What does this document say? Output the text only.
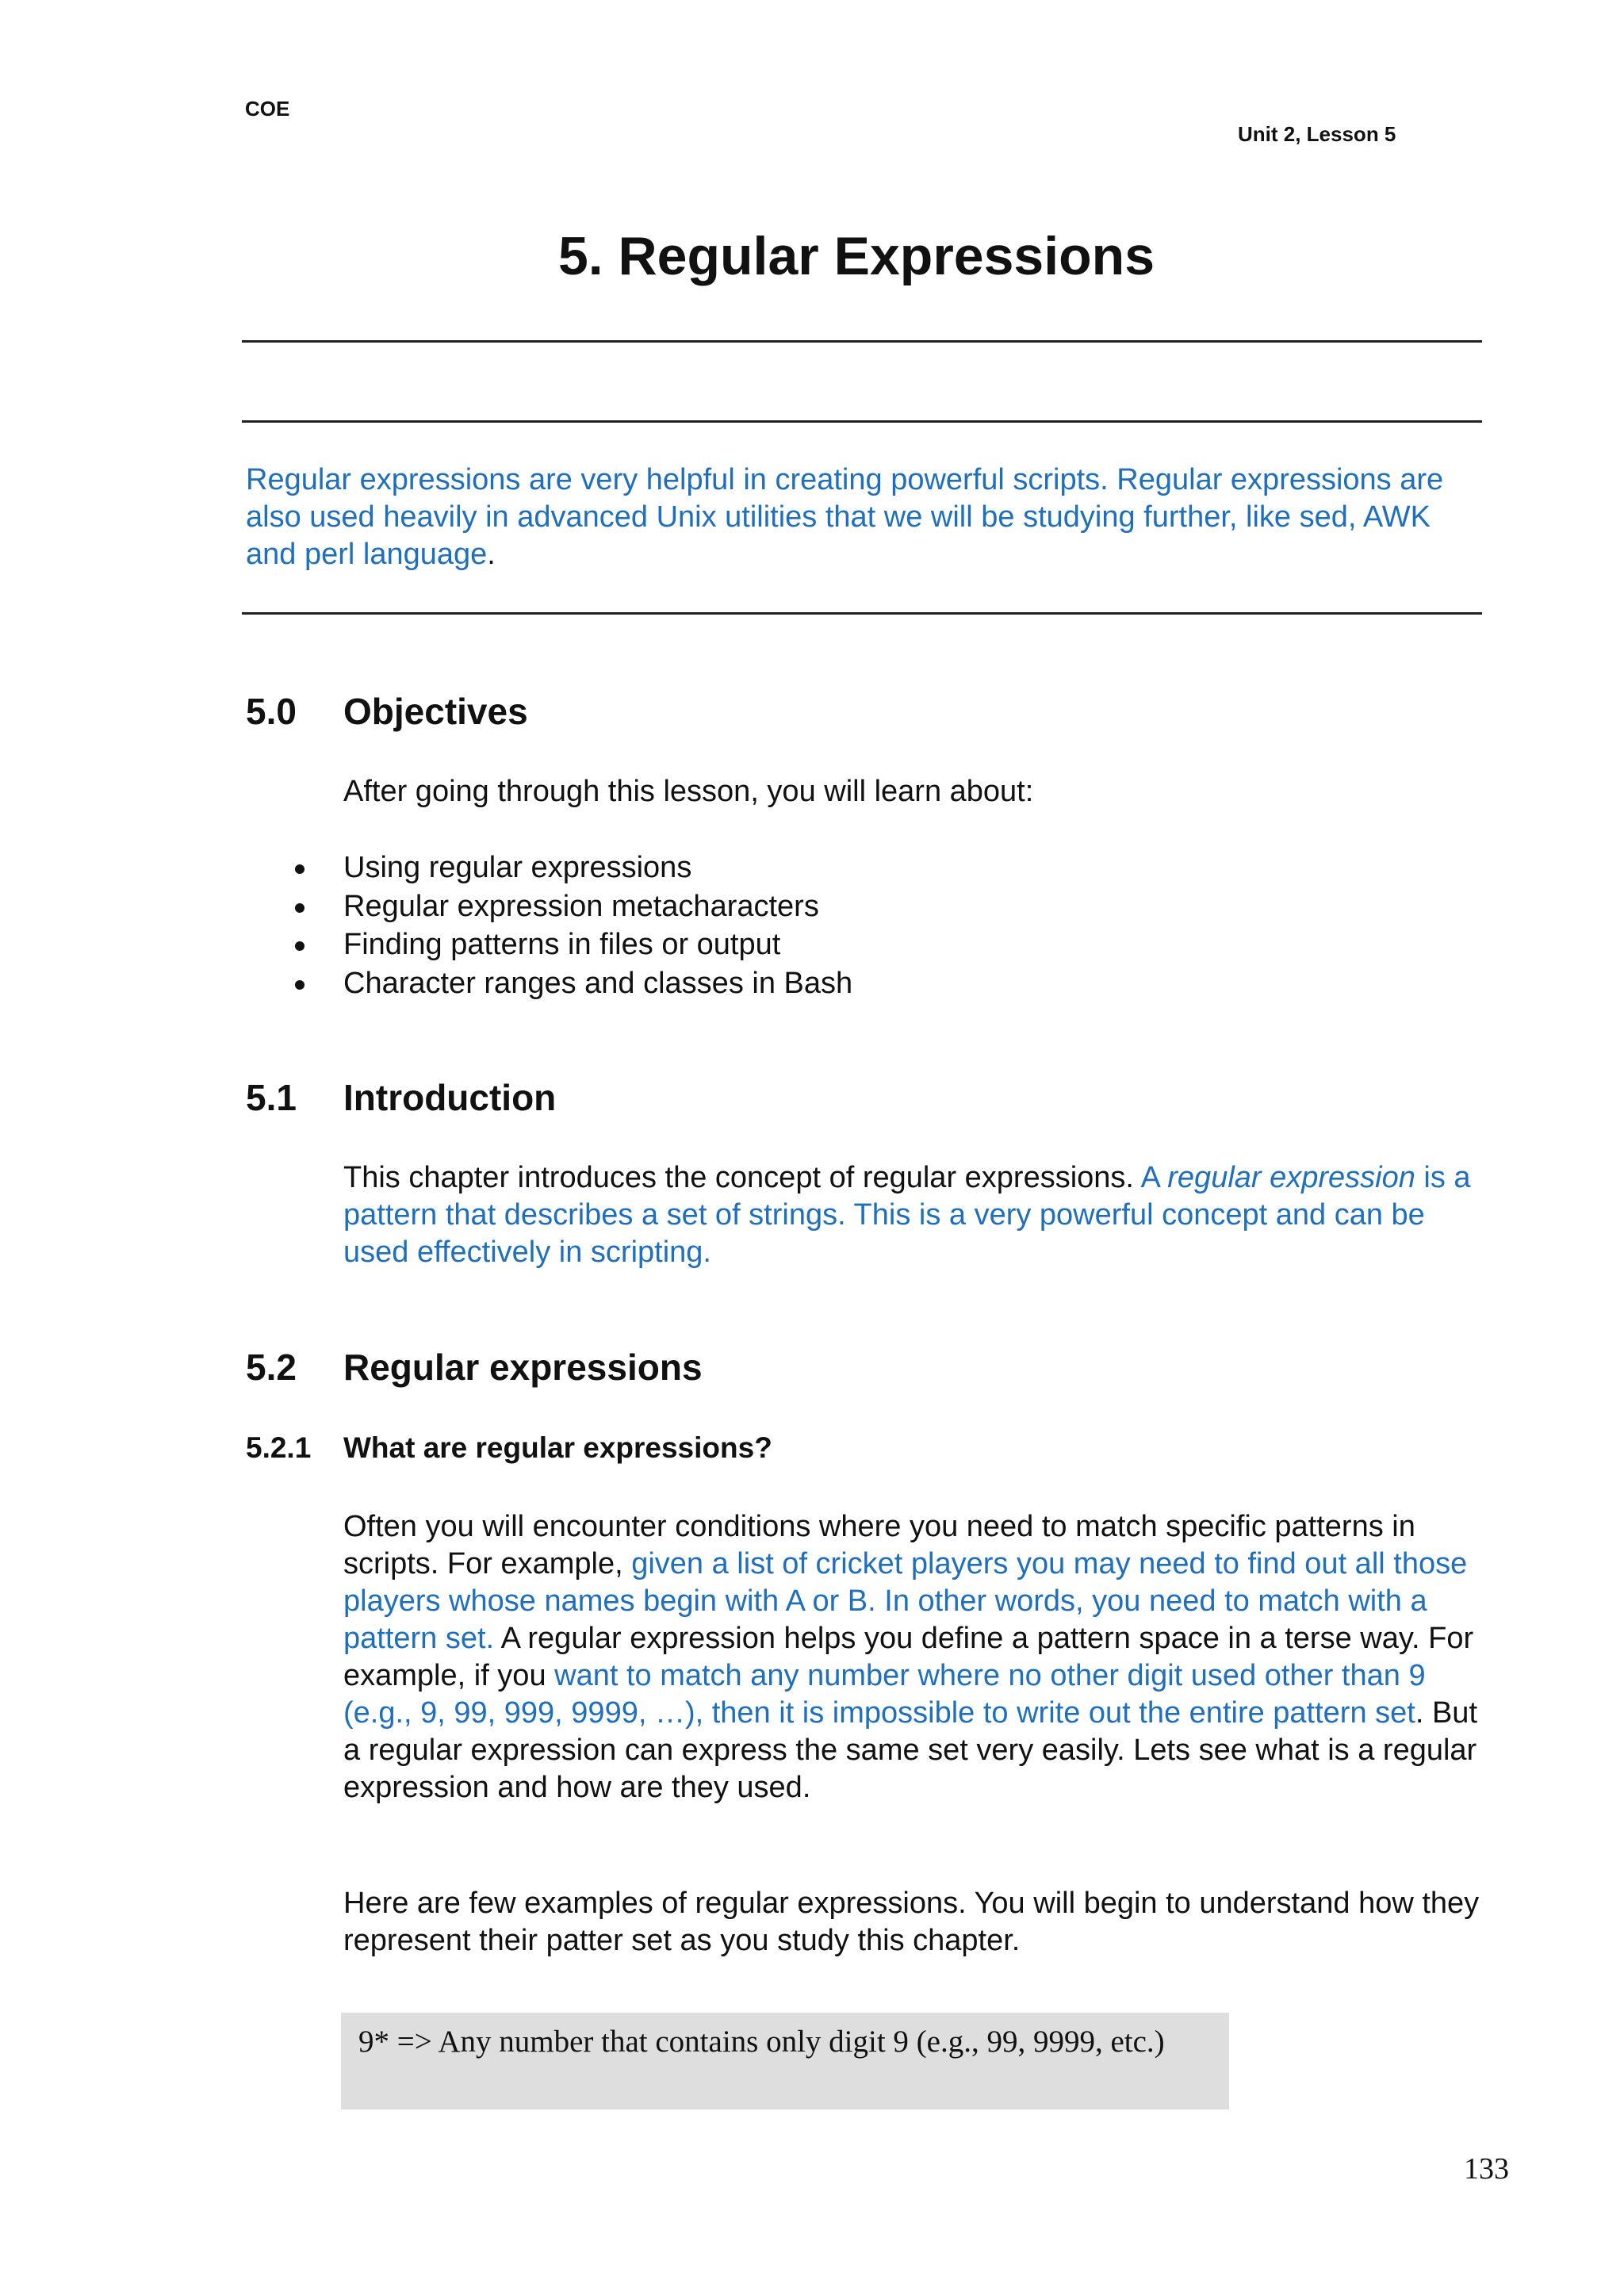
COE
Unit 2, Lesson 5
5. Regular Expressions

Regular expressions are very helpful in creating powerful scripts. Regular expressions are also used heavily in advanced Unix utilities that we will be studying further, like sed, AWK and perl language.

5.0 Objectives

After going through this lesson, you will learn about:

Using regular expressions
Regular expression metacharacters
Finding patterns in files or output
Character ranges and classes in Bash
5.1 Introduction

This chapter introduces the concept of regular expressions. A regular expression is a pattern that describes a set of strings. This is a very powerful concept and can be used effectively in scripting.

5.2 Regular expressions
5.2.1 What are regular expressions?

Often you will encounter conditions where you need to match specific patterns in scripts. For example, given a list of cricket players you may need to find out all those players whose names begin with A or B. In other words, you need to match with a pattern set. A regular expression helps you define a pattern space in a terse way. For example, if you want to match any number where no other digit used other than 9 (e.g., 9, 99, 999, 9999, …), then it is impossible to write out the entire pattern set. But a regular expression can express the same set very easily. Lets see what is a regular expression and how are they used.

Here are few examples of regular expressions. You will begin to understand how they represent their patter set as you study this chapter.

9* => Any number that contains only digit 9 (e.g., 99, 9999, etc.)
133
